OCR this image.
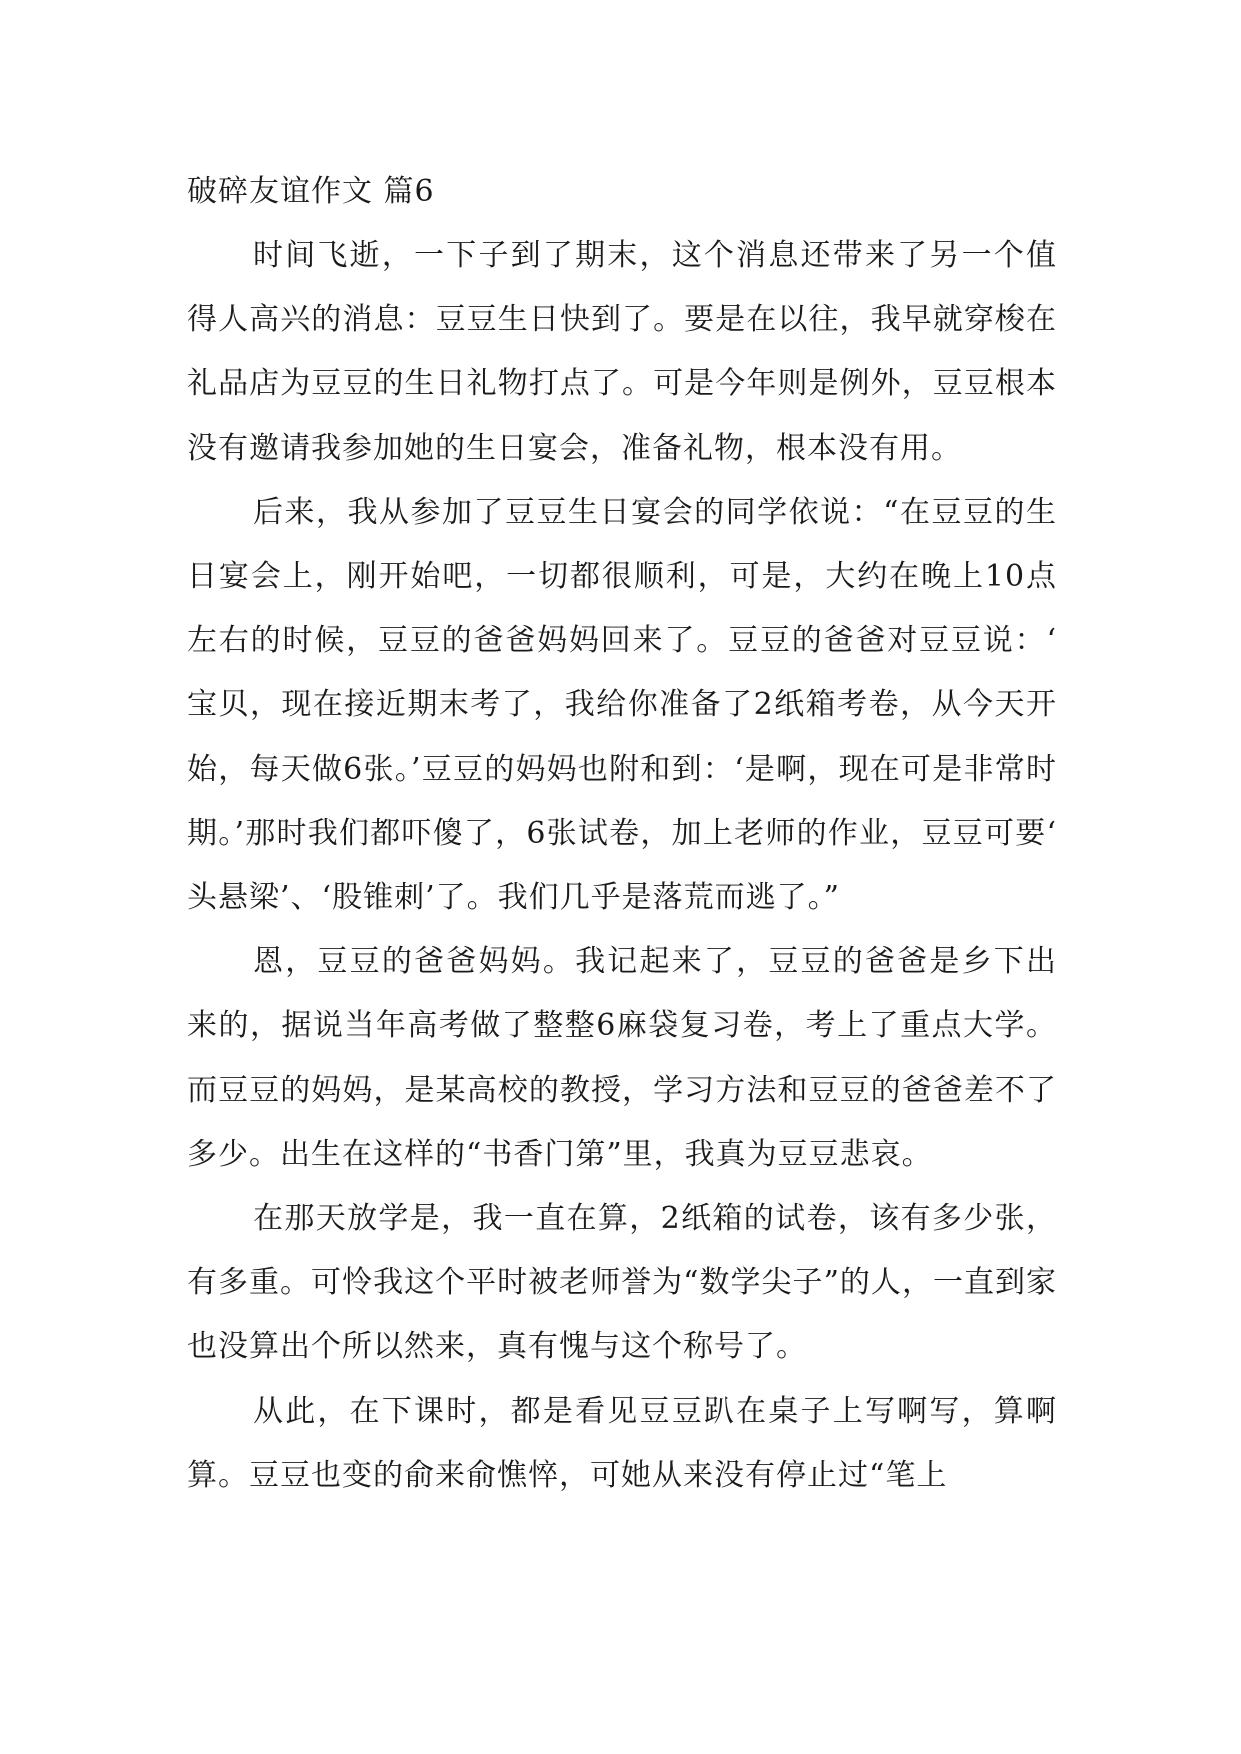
破碎友谊作文 篇6

时间飞逝，一下子到了期末，这个消息还带来了另一个值得人高兴的消息：豆豆生日快到了。要是在以往，我早就穿梭在礼品店为豆豆的生日礼物打点了。可是今年则是例外，豆豆根本没有邀请我参加她的生日宴会，准备礼物，根本没有用。

后来，我从参加了豆豆生日宴会的同学依说：“在豆豆的生日宴会上，刚开始吧，一切都很顺利，可是，大约在晚上10点左右的时候，豆豆的爸爸妈妈回来了。豆豆的爸爸对豆豆说：‘宝贝，现在接近期末考了，我给你准备了2纸箱考卷，从今天开始，每天做6张。’豆豆的妈妈也附和到：‘是啊，现在可是非常时期。’那时我们都吓傻了，6张试卷，加上老师的作业，豆豆可要‘头悬梁’、‘股锥刺’了。我们几乎是落荒而逃了。”

恩，豆豆的爸爸妈妈。我记起来了，豆豆的爸爸是乡下出来的，据说当年高考做了整整6麻袋复习卷，考上了重点大学。而豆豆的妈妈，是某高校的教授，学习方法和豆豆的爸爸差不了多少。出生在这样的“书香门第”里，我真为豆豆悲哀。

在那天放学是，我一直在算，2纸箱的试卷，该有多少张，有多重。可怜我这个平时被老师誉为“数学尖子”的人，一直到家也没算出个所以然来，真有愧与这个称号了。

从此，在下课时，都是看见豆豆趴在桌子上写啊写，算啊算。豆豆也变的俞来俞憔悴，可她从来没有停止过“笔上
